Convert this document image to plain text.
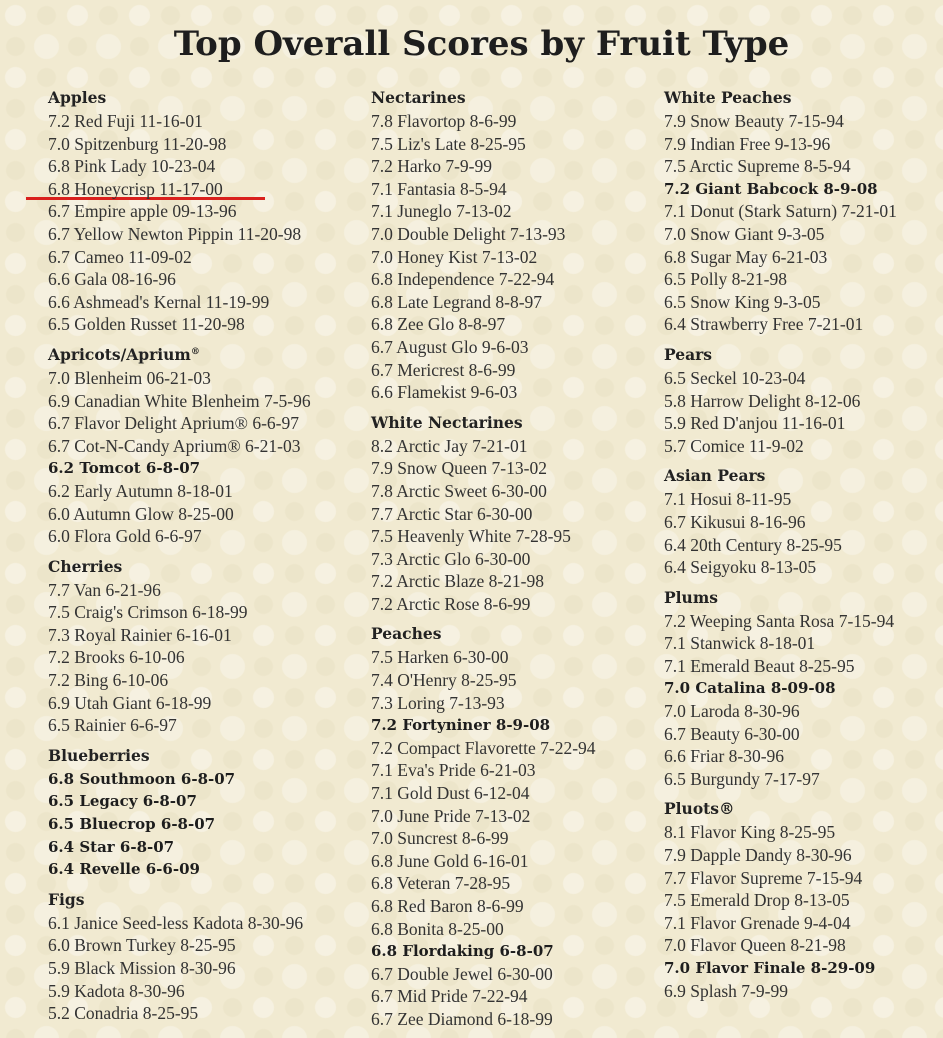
Top Overall Scores by Fruit Type
Apples
7.2 Red Fuji 11-16-01
7.0 Spitzenburg 11-20-98
6.8 Pink Lady 10-23-04
6.8 Honeycrisp 11-17-00
6.7 Empire apple 09-13-96
6.7 Yellow Newton Pippin 11-20-98
6.7 Cameo 11-09-02
6.6 Gala 08-16-96
6.6 Ashmead's Kernal 11-19-99
6.5 Golden Russet 11-20-98
Apricots/Aprium®
7.0 Blenheim 06-21-03
6.9 Canadian White Blenheim 7-5-96
6.7 Flavor Delight Aprium® 6-6-97
6.7 Cot-N-Candy Aprium® 6-21-03
6.2 Tomcot 6-8-07
6.2 Early Autumn 8-18-01
6.0 Autumn Glow 8-25-00
6.0 Flora Gold 6-6-97
Cherries
7.7 Van 6-21-96
7.5 Craig's Crimson 6-18-99
7.3 Royal Rainier 6-16-01
7.2 Brooks 6-10-06
7.2 Bing 6-10-06
6.9 Utah Giant 6-18-99
6.5 Rainier 6-6-97
Blueberries
6.8 Southmoon 6-8-07
6.5 Legacy 6-8-07
6.5 Bluecrop 6-8-07
6.4 Star 6-8-07
6.4 Revelle 6-6-09
Figs
6.1 Janice Seed-less Kadota 8-30-96
6.0 Brown Turkey 8-25-95
5.9 Black Mission 8-30-96
5.9 Kadota 8-30-96
5.2 Conadria 8-25-95
Nectarines
7.8 Flavortop 8-6-99
7.5 Liz's Late 8-25-95
7.2 Harko 7-9-99
7.1 Fantasia 8-5-94
7.1 Juneglo 7-13-02
7.0 Double Delight 7-13-93
7.0 Honey Kist 7-13-02
6.8 Independence 7-22-94
6.8 Late Legrand 8-8-97
6.8 Zee Glo 8-8-97
6.7 August Glo 9-6-03
6.7 Mericrest 8-6-99
6.6 Flamekist 9-6-03
White Nectarines
8.2 Arctic Jay 7-21-01
7.9 Snow Queen 7-13-02
7.8 Arctic Sweet 6-30-00
7.7 Arctic Star 6-30-00
7.5 Heavenly White 7-28-95
7.3 Arctic Glo 6-30-00
7.2 Arctic Blaze 8-21-98
7.2 Arctic Rose 8-6-99
Peaches
7.5 Harken 6-30-00
7.4 O'Henry 8-25-95
7.3 Loring 7-13-93
7.2 Fortyniner 8-9-08
7.2 Compact Flavorette 7-22-94
7.1 Eva's Pride 6-21-03
7.1 Gold Dust 6-12-04
7.0 June Pride 7-13-02
7.0 Suncrest 8-6-99
6.8 June Gold 6-16-01
6.8 Veteran 7-28-95
6.8 Red Baron 8-6-99
6.8 Bonita 8-25-00
6.8 Flordaking 6-8-07
6.7 Double Jewel 6-30-00
6.7 Mid Pride 7-22-94
6.7 Zee Diamond 6-18-99
White Peaches
7.9 Snow Beauty 7-15-94
7.9 Indian Free 9-13-96
7.5 Arctic Supreme 8-5-94
7.2 Giant Babcock 8-9-08
7.1 Donut (Stark Saturn) 7-21-01
7.0 Snow Giant 9-3-05
6.8 Sugar May 6-21-03
6.5 Polly 8-21-98
6.5 Snow King 9-3-05
6.4 Strawberry Free 7-21-01
Pears
6.5 Seckel 10-23-04
5.8 Harrow Delight 8-12-06
5.9 Red D'anjou 11-16-01
5.7 Comice 11-9-02
Asian Pears
7.1 Hosui 8-11-95
6.7 Kikusui 8-16-96
6.4 20th Century 8-25-95
6.4 Seigyoku 8-13-05
Plums
7.2 Weeping Santa Rosa 7-15-94
7.1 Stanwick 8-18-01
7.1 Emerald Beaut 8-25-95
7.0 Catalina 8-09-08
7.0 Laroda 8-30-96
6.7 Beauty 6-30-00
6.6 Friar 8-30-96
6.5 Burgundy 7-17-97
Pluots®
8.1 Flavor King 8-25-95
7.9 Dapple Dandy 8-30-96
7.7 Flavor Supreme 7-15-94
7.5 Emerald Drop 8-13-05
7.1 Flavor Grenade 9-4-04
7.0 Flavor Queen 8-21-98
7.0 Flavor Finale 8-29-09
6.9 Splash 7-9-99
